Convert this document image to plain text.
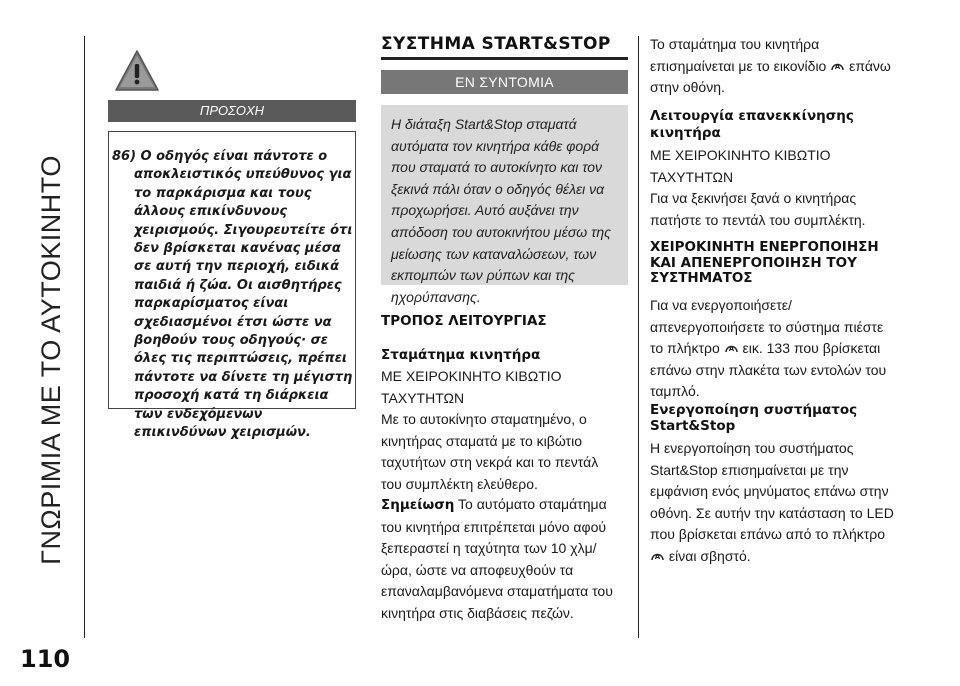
ΓΝΩΡΙΜΙΑ ΜΕ ΤΟ ΑΥΤΟΚΙΝΗΤΟ
110
ΠΡΟΣΟΧΗ
86) Ο οδηγός είναι πάντοτε ο αποκλειστικός υπεύθυνος για το παρκάρισμα και τους άλλους επικίνδυνους χειρισμούς. Σιγουρευτείτε ότι δεν βρίσκεται κανένας μέσα σε αυτή την περιοχή, ειδικά παιδιά ή ζώα. Οι αισθητήρες παρκαρίσματος είναι σχεδιασμένοι έτσι ώστε να βοηθούν τους οδηγούς· σε όλες τις περιπτώσεις, πρέπει πάντοτε να δίνετε τη μέγιστη προσοχή κατά τη διάρκεια των ενδεχόμενων επικινδύνων χειρισμών.
ΣΥΣΤΗΜΑ START&STOP
ΕΝ ΣΥΝΤΟΜΙΑ
Η διάταξη Start&Stop σταματά αυτόματα τον κινητήρα κάθε φορά που σταματά το αυτοκίνητο και τον ξεκινά πάλι όταν ο οδηγός θέλει να προχωρήσει. Αυτό αυξάνει την απόδοση του αυτοκινήτου μέσω της μείωσης των καταναλώσεων, των εκπομπών των ρύπων και της ηχορύπανσης.
ΤΡΟΠΟΣ ΛΕΙΤΟΥΡΓΙΑΣ
Σταμάτημα κινητήρα
ΜΕ ΧΕΙΡΟΚΙΝΗΤΟ ΚΙΒΩΤΙΟ ΤΑΧΥΤΗΤΩΝ
Με το αυτοκίνητο σταματημένο, ο κινητήρας σταματά με το κιβώτιο ταχυτήτων στη νεκρά και το πεντάλ του συμπλέκτη ελεύθερο.
Σημείωση Το αυτόματο σταμάτημα του κινητήρα επιτρέπεται μόνο αφού ξεπεραστεί η ταχύτητα των 10 χλμ/ώρα, ώστε να αποφευχθούν τα επαναλαμβανόμενα σταματήματα του κινητήρα στις διαβάσεις πεζών.
Το σταμάτημα του κινητήρα επισημαίνεται με το εικονίδιο A επάνω στην οθόνη.
Λειτουργία επανεκκίνησης κινητήρα
ΜΕ ΧΕΙΡΟΚΙΝΗΤΟ ΚΙΒΩΤΙΟ ΤΑΧΥΤΗΤΩΝ
Για να ξεκινήσει ξανά ο κινητήρας πατήστε το πεντάλ του συμπλέκτη.
ΧΕΙΡΟΚΙΝΗΤΗ ΕΝΕΡΓΟΠΟΙΗΣΗ ΚΑΙ ΑΠΕΝΕΡΓΟΠΟΙΗΣΗ ΤΟΥ ΣΥΣΤΗΜΑΤΟΣ
Για να ενεργοποιήσετε/ απενεργοποιήσετε το σύστημα πιέστε το πλήκτρο A εικ. 133 που βρίσκεται επάνω στην πλακέτα των εντολών του ταμπλό.
Ενεργοποίηση συστήματος Start&Stop
Η ενεργοποίηση του συστήματος Start&Stop επισημαίνεται με την εμφάνιση ενός μηνύματος επάνω στην οθόνη. Σε αυτήν την κατάσταση το LED που βρίσκεται επάνω από το πλήκτρο
A είναι σβηστό.
